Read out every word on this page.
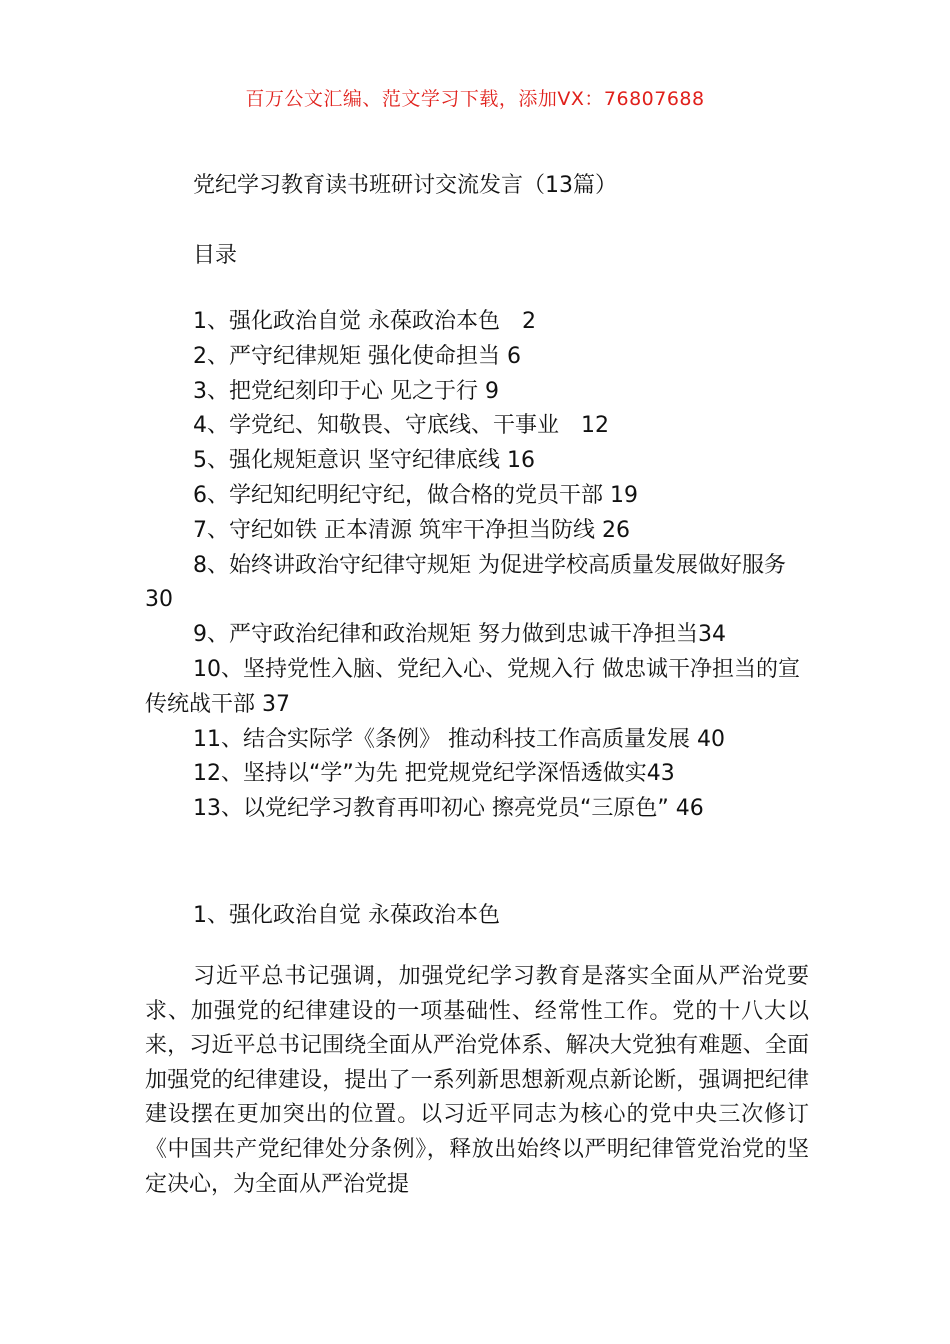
百万公文汇编、范文学习下载，添加VX：76807688
党纪学习教育读书班研讨交流发言（13篇）
目录
1、强化政治自觉 永葆政治本色　2
2、严守纪律规矩 强化使命担当 6
3、把党纪刻印于心 见之于行 9
4、学党纪、知敬畏、守底线、干事业　12
5、强化规矩意识 坚守纪律底线 16
6、学纪知纪明纪守纪，做合格的党员干部 19
7、守纪如铁 正本清源 筑牢干净担当防线 26
8、始终讲政治守纪律守规矩 为促进学校高质量发展做好服务 30
9、严守政治纪律和政治规矩 努力做到忠诚干净担当34
10、坚持党性入脑、党纪入心、党规入行 做忠诚干净担当的宣传统战干部 37
11、结合实际学《条例》 推动科技工作高质量发展 40
12、坚持以“学”为先 把党规党纪学深悟透做实43
13、以党纪学习教育再叩初心 擦亮党员“三原色” 46
1、强化政治自觉 永葆政治本色
习近平总书记强调，加强党纪学习教育是落实全面从严治党要求、加强党的纪律建设的一项基础性、经常性工作。党的十八大以来，习近平总书记围绕全面从严治党体系、解决大党独有难题、全面加强党的纪律建设，提出了一系列新思想新观点新论断，强调把纪律建设摆在更加突出的位置。以习近平同志为核心的党中央三次修订《中国共产党纪律处分条例》，释放出始终以严明纪律管党治党的坚定决心，为全面从严治党提
